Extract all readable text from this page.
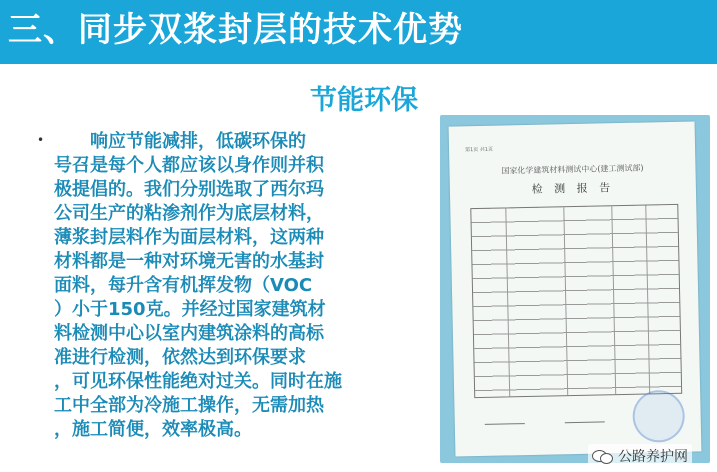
三、同步双浆封层的技术优势
节能环保
•	响应节能减排，低碳环保的
号召是每个人都应该以身作则并积
极提倡的。我们分别选取了西尔玛
公司生产的粘渗剂作为底层材料，
薄浆封层料作为面层材料，这两种
材料都是一种对环境无害的水基封
面料，每升含有机挥发物（VOC
）小于150克。并经过国家建筑材
料检测中心以室内建筑涂料的高标
准进行检测，依然达到环保要求
，可见环保性能绝对过关。同时在施
工中全部为冷施工操作，无需加热
，施工简便，效率极高。
第1页 共1页
国家化学建筑材料测试中心(建工测试部)
检 测 报 告
公路养护网
